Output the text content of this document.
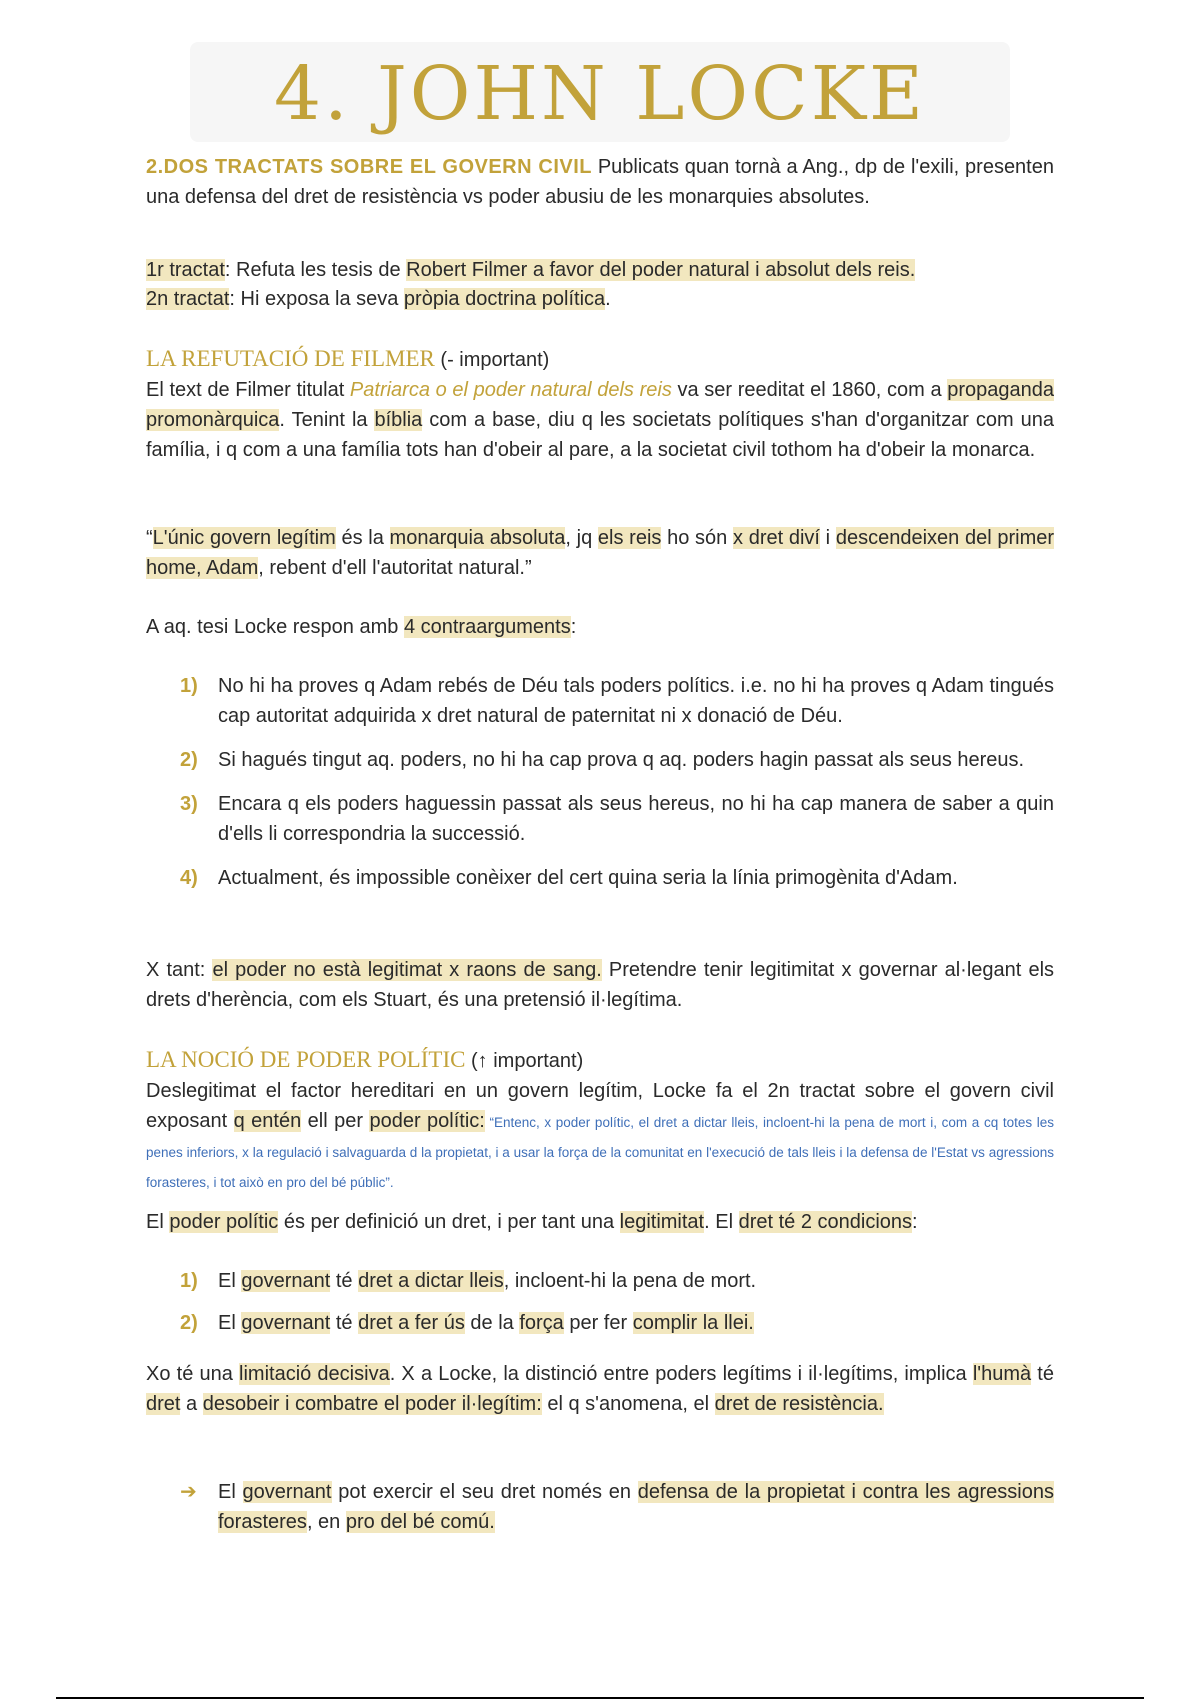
4. JOHN LOCKE

2.DOS TRACTATS SOBRE EL GOVERN CIVIL Publicats quan tornà a Ang., dp de l'exili, presenten una defensa del dret de resistència vs poder abusiu de les monarquies absolutes.

1r tractat: Refuta les tesis de Robert Filmer a favor del poder natural i absolut dels reis.

2n tractat: Hi exposa la seva pròpia doctrina política.

LA REFUTACIÓ DE FILMER (- important)

El text de Filmer titulat Patriarca o el poder natural dels reis va ser reeditat el 1860, com a propaganda promonàrquica. Tenint la bíblia com a base, diu q les societats polítiques s'han d'organitzar com una família, i q com a una família tots han d'obeir al pare, a la societat civil tothom ha d'obeir la monarca.

“L'únic govern legítim és la monarquia absoluta, jq els reis ho són x dret diví i descendeixen del primer home, Adam, rebent d'ell l'autoritat natural.”

A aq. tesi Locke respon amb 4 contraarguments:

1) No hi ha proves q Adam rebés de Déu tals poders polítics. i.e. no hi ha proves q Adam tingués cap autoritat adquirida x dret natural de paternitat ni x donació de Déu.
2) Si hagués tingut aq. poders, no hi ha cap prova q aq. poders hagin passat als seus hereus.
3) Encara q els poders haguessin passat als seus hereus, no hi ha cap manera de saber a quin d'ells li correspondria la successió.
4) Actualment, és impossible conèixer del cert quina seria la línia primogènita d'Adam.

X tant: el poder no està legitimat x raons de sang. Pretendre tenir legitimitat x governar al·legant els drets d'herència, com els Stuart, és una pretensió il·legítima.

LA NOCIÓ DE PODER POLÍTIC (↑ important)

Deslegitimat el factor hereditari en un govern legítim, Locke fa el 2n tractat sobre el govern civil exposant q entén ell per poder polític: “Entenc, x poder polític, el dret a dictar lleis, incloent-hi la pena de mort i, com a cq totes les penes inferiors, x la regulació i salvaguarda d la propietat, i a usar la força de la comunitat en l'execució de tals lleis i la defensa de l'Estat vs agressions forasteres, i tot això en pro del bé públic”.

El poder polític és per definició un dret, i per tant una legitimitat. El dret té 2 condicions:

1) El governant té dret a dictar lleis, incloent-hi la pena de mort.
2) El governant té dret a fer ús de la força per fer complir la llei.

Xo té una limitació decisiva. X a Locke, la distinció entre poders legítims i il·legítims, implica l'humà té dret a desobeir i combatre el poder il·legítim: el q s'anomena, el dret de resistència.

➔ El governant pot exercir el seu dret només en defensa de la propietat i contra les agressions forasteres, en pro del bé comú.
